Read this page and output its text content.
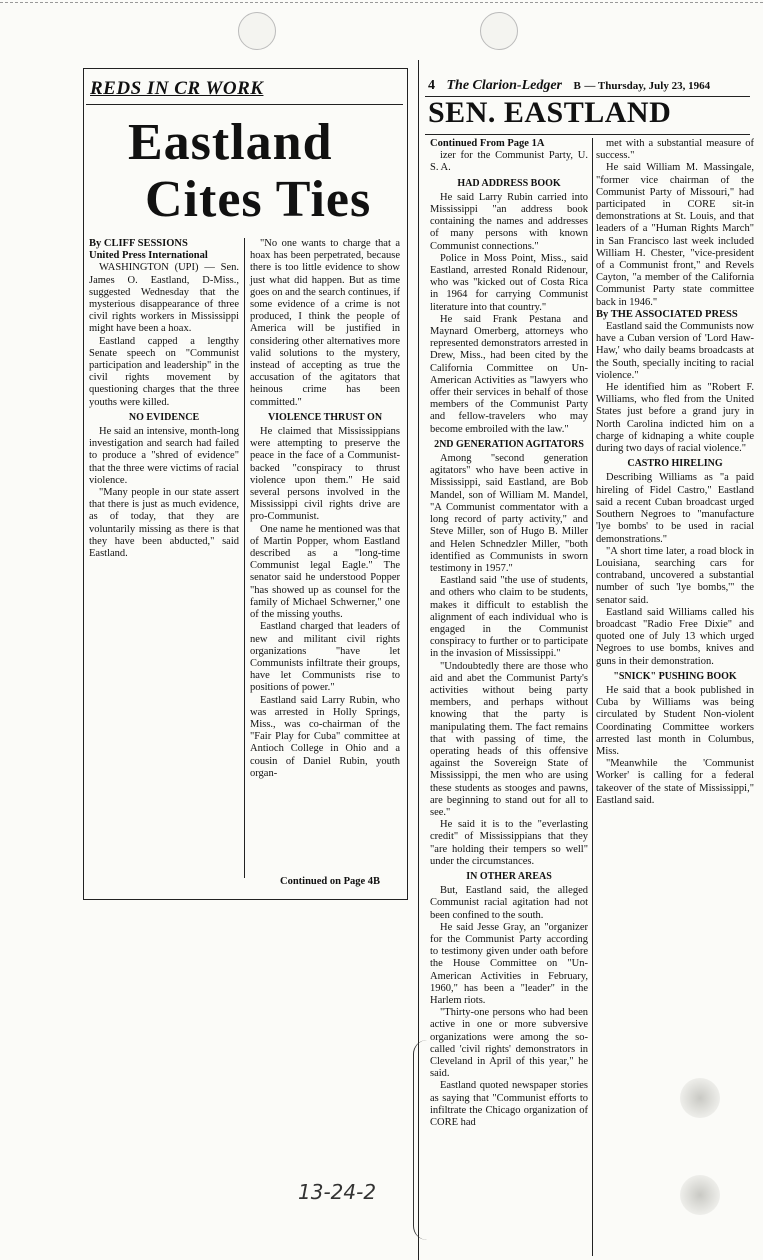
REDS IN CR WORK
Eastland
Cites Ties

By CLIFF SESSIONS

United Press International

WASHINGTON (UPI) — Sen. James O. Eastland, D-Miss., suggested Wednesday that the mysterious disappearance of three civil rights workers in Mississippi might have been a hoax.

Eastland capped a lengthy Senate speech on "Communist participation and leadership" in the civil rights movement by questioning charges that the three youths were killed.

NO EVIDENCE

He said an intensive, month-long investigation and search had failed to produce a "shred of evidence" that the three were victims of racial violence.

"Many people in our state assert that there is just as much evidence, as of today, that they are voluntarily missing as there is that they have been abducted," said Eastland.

"No one wants to charge that a hoax has been perpetrated, because there is too little evidence to show just what did happen. But as time goes on and the search continues, if some evidence of a crime is not produced, I think the people of America will be justified in considering other alternatives more valid solutions to the mystery, instead of accepting as true the accusation of the agitators that heinous crime has been committed."

VIOLENCE THRUST ON

He claimed that Mississippians were attempting to preserve the peace in the face of a Communist-backed "conspiracy to thrust violence upon them." He said several persons involved in the Mississippi civil rights drive are pro-Communist.

One name he mentioned was that of Martin Popper, whom Eastland described as a "long-time Communist legal Eagle." The senator said he understood Popper "has showed up as counsel for the family of Michael Schwerner," one of the missing youths.

Eastland charged that leaders of new and militant civil rights organizations "have let Communists infiltrate their groups, have let Communists rise to positions of power."

Eastland said Larry Rubin, who was arrested in Holly Springs, Miss., was co-chairman of the "Fair Play for Cuba" committee at Antioch College in Ohio and a cousin of Daniel Rubin, youth organ-

Continued on Page 4B
4 The Clarion-Ledger B — Thursday, July 23, 1964
SEN. EASTLAND

Continued From Page 1A

izer for the Communist Party, U. S. A.

HAD ADDRESS BOOK

He said Larry Rubin carried into Mississippi "an address book containing the names and addresses of many persons with known Communist connections."

Police in Moss Point, Miss., said Eastland, arrested Ronald Ridenour, who was "kicked out of Costa Rica in 1964 for carrying Communist literature into that country."

He said Frank Pestana and Maynard Omerberg, attorneys who represented demonstrators arrested in Drew, Miss., had been cited by the California Committee on Un-American Activities as "lawyers who offer their services in behalf of those members of the Communist Party and fellow-travelers who may become embroiled with the law."

2ND GENERATION AGITATORS

Among "second generation agitators" who have been active in Mississippi, said Eastland, are Bob Mandel, son of William M. Mandel, "A Communist commentator with a long record of party activity," and Steve Miller, son of Hugo B. Miller and Helen Schnedzler Miller, "both identified as Communists in sworn testimony in 1957."

Eastland said "the use of students, and others who claim to be students, makes it difficult to establish the alignment of each individual who is engaged in the Communist conspiracy to further or to participate in the invasion of Mississippi."

"Undoubtedly there are those who aid and abet the Communist Party's activities without being party members, and perhaps without knowing that the party is manipulating them. The fact remains that with passing of time, the operating heads of this offensive against the Sovereign State of Mississippi, the men who are using these students as stooges and pawns, are beginning to stand out for all to see."

He said it is to the "everlasting credit" of Mississippians that they "are holding their tempers so well" under the circumstances.

IN OTHER AREAS

But, Eastland said, the alleged Communist racial agitation had not been confined to the south.

He said Jesse Gray, an "organizer for the Communist Party according to testimony given under oath before the House Committee on "Un-American Activities in February, 1960," has been a "leader" in the Harlem riots.

"Thirty-one persons who had been active in one or more subversive organizations were among the so-called 'civil rights' demonstrators in Cleveland in April of this year," he said.

Eastland quoted newspaper stories as saying that "Communist efforts to infiltrate the Chicago organization of CORE had

met with a substantial measure of success."

He said William M. Massingale, "former vice chairman of the Communist Party of Missouri," had participated in CORE sit-in demonstrations at St. Louis, and that leaders of a "Human Rights March" in San Francisco last week included William H. Chester, "vice-president of a Communist front," and Revels Cayton, "a member of the California Communist Party state committee back in 1946."

By THE ASSOCIATED PRESS

Eastland said the Communists now have a Cuban version of 'Lord Haw-Haw,' who daily beams broadcasts at the South, specially inciting to racial violence."

He identified him as "Robert F. Williams, who fled from the United States just before a grand jury in North Carolina indicted him on a charge of kidnaping a white couple during two days of racial violence."

CASTRO HIRELING

Describing Williams as "a paid hireling of Fidel Castro," Eastland said a recent Cuban broadcast urged Southern Negroes to "manufacture 'lye bombs' to be used in racial demonstrations."

"A short time later, a road block in Louisiana, searching cars for contraband, uncovered a substantial number of such 'lye bombs,'" the senator said.

Eastland said Williams called his broadcast "Radio Free Dixie" and quoted one of July 13 which urged Negroes to use bombs, knives and guns in their demonstration.

"SNICK" PUSHING BOOK

He said that a book published in Cuba by Williams was being circulated by Student Non-violent Coordinating Committee workers arrested last month in Columbus, Miss.

"Meanwhile the 'Communist Worker' is calling for a federal takeover of the state of Mississippi," Eastland said.

13-24-2
